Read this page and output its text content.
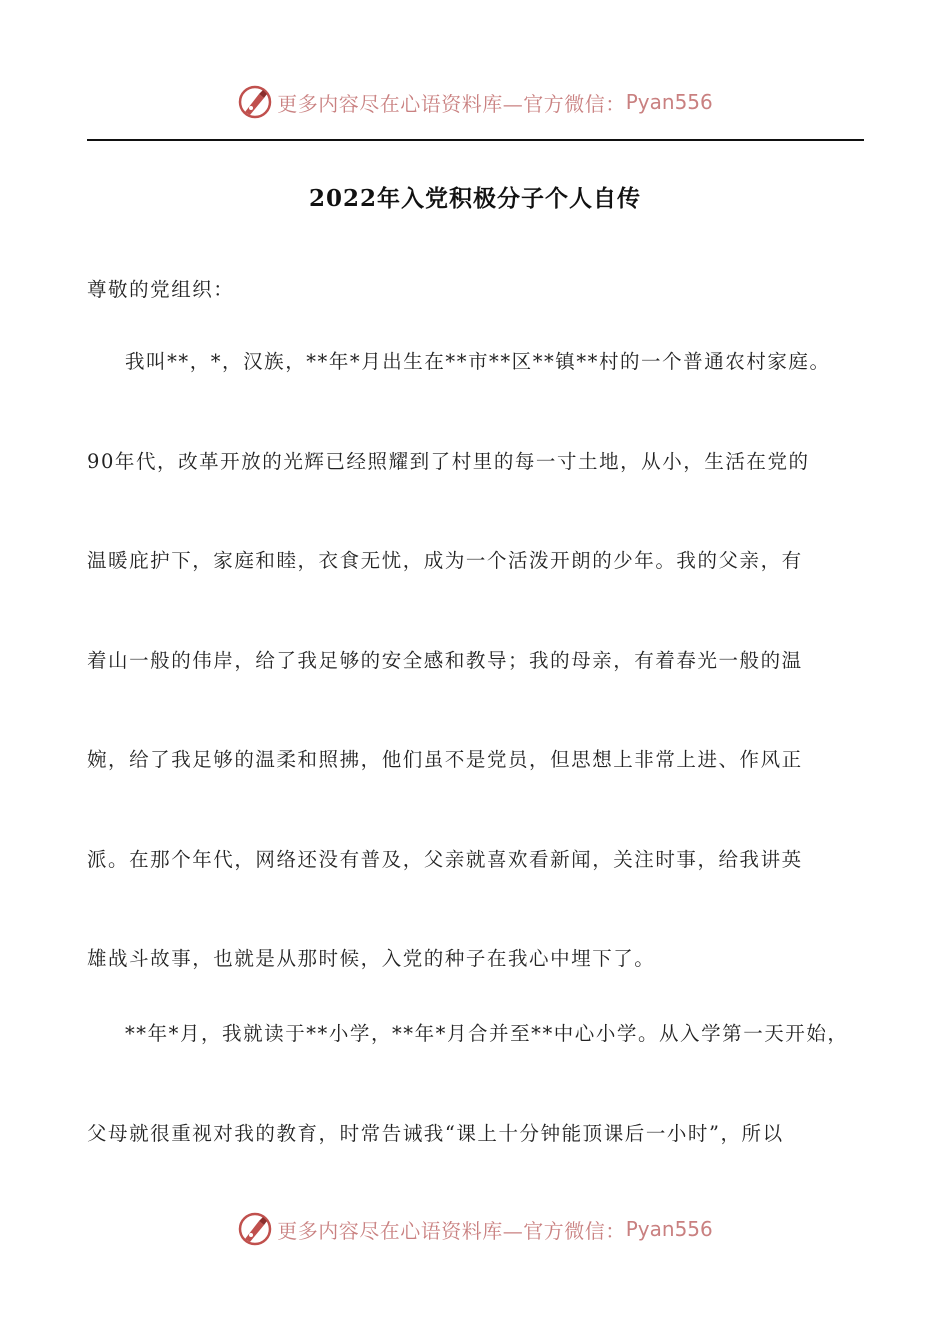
更多内容尽在心语资料库—官方微信： Pyan556
2022年入党积极分子个人自传
尊敬的党组织：
我叫**，*，汉族，**年*月出生在**市**区**镇**村的一个普通农村家庭。
90年代，改革开放的光辉已经照耀到了村里的每一寸土地，从小，生活在党的
温暖庇护下，家庭和睦，衣食无忧，成为一个活泼开朗的少年。我的父亲，有
着山一般的伟岸，给了我足够的安全感和教导；我的母亲，有着春光一般的温
婉，给了我足够的温柔和照拂，他们虽不是党员，但思想上非常上进、作风正
派。在那个年代，网络还没有普及，父亲就喜欢看新闻，关注时事，给我讲英
雄战斗故事，也就是从那时候，入党的种子在我心中埋下了。
**年*月，我就读于**小学，**年*月合并至**中心小学。从入学第一天开始，
父母就很重视对我的教育，时常告诫我“课上十分钟能顶课后一小时”，所以
更多内容尽在心语资料库—官方微信： Pyan556
